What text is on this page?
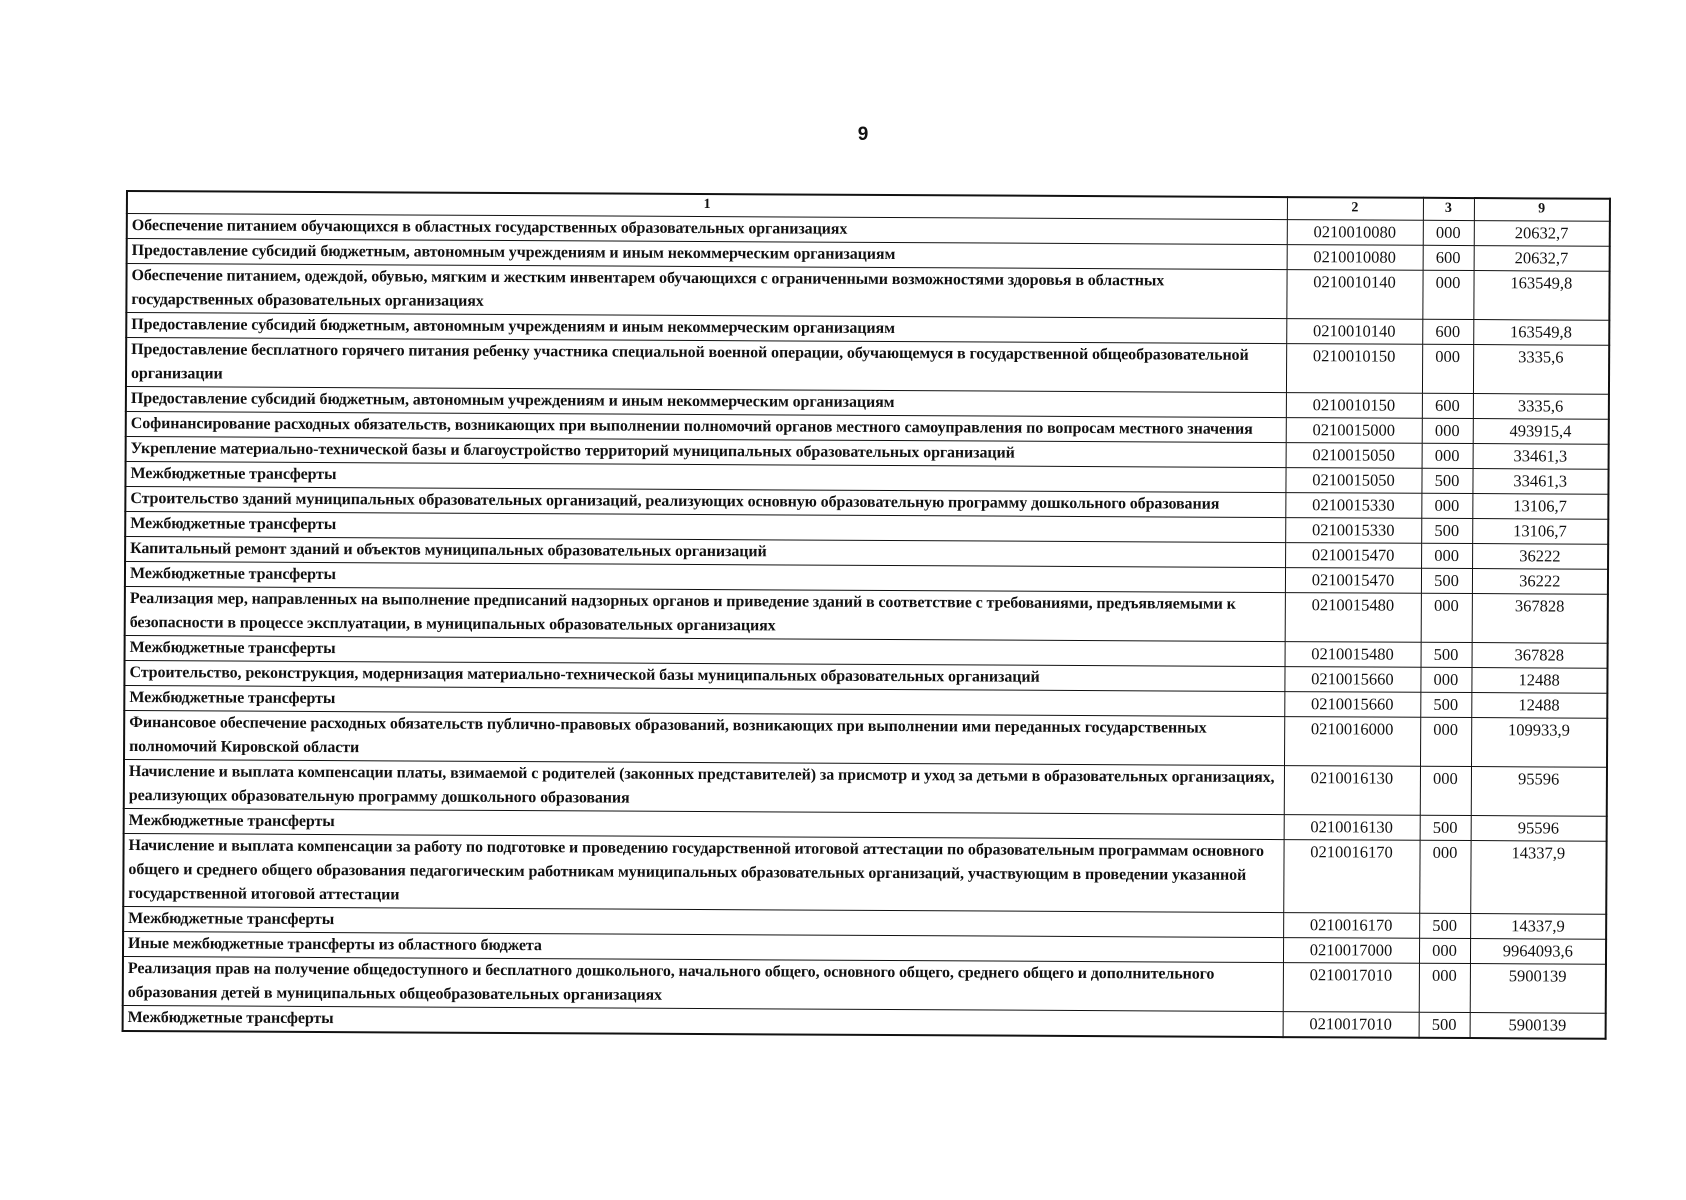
9
1	2	3	9
Обеспечение питанием обучающихся в областных государственных образовательных организациях	0210010080	000	20632,7
Предоставление субсидий бюджетным, автономным учреждениям и иным некоммерческим организациям	0210010080	600	20632,7
Обеспечение питанием, одеждой, обувью, мягким и жестким инвентарем обучающихся с ограниченными возможностями здоровья в областных государственных образовательных организациях	0210010140	000	163549,8
Предоставление субсидий бюджетным, автономным учреждениям и иным некоммерческим организациям	0210010140	600	163549,8
Предоставление бесплатного горячего питания ребенку участника специальной военной операции, обучающемуся в государственной общеобразовательной организации	0210010150	000	3335,6
Предоставление субсидий бюджетным, автономным учреждениям и иным некоммерческим организациям	0210010150	600	3335,6
Софинансирование расходных обязательств, возникающих при выполнении полномочий органов местного самоуправления по вопросам местного значения	0210015000	000	493915,4
Укрепление материально-технической базы и благоустройство территорий муниципальных образовательных организаций	0210015050	000	33461,3
Межбюджетные трансферты	0210015050	500	33461,3
Строительство зданий муниципальных образовательных организаций, реализующих основную образовательную программу дошкольного образования	0210015330	000	13106,7
Межбюджетные трансферты	0210015330	500	13106,7
Капитальный ремонт зданий и объектов муниципальных образовательных организаций	0210015470	000	36222
Межбюджетные трансферты	0210015470	500	36222
Реализация мер, направленных на выполнение предписаний надзорных органов и приведение зданий в соответствие с требованиями, предъявляемыми к безопасности в процессе эксплуатации, в муниципальных образовательных организациях	0210015480	000	367828
Межбюджетные трансферты	0210015480	500	367828
Строительство, реконструкция, модернизация материально-технической базы муниципальных образовательных организаций	0210015660	000	12488
Межбюджетные трансферты	0210015660	500	12488
Финансовое обеспечение расходных обязательств публично-правовых образований, возникающих при выполнении ими переданных государственных полномочий Кировской области	0210016000	000	109933,9
Начисление и выплата компенсации платы, взимаемой с родителей (законных представителей) за присмотр и уход за детьми в образовательных организациях, реализующих образовательную программу дошкольного образования	0210016130	000	95596
Межбюджетные трансферты	0210016130	500	95596
Начисление и выплата компенсации за работу по подготовке и проведению государственной итоговой аттестации по образовательным программам основного общего и среднего общего образования педагогическим работникам муниципальных образовательных организаций, участвующим в проведении указанной государственной итоговой аттестации	0210016170	000	14337,9
Межбюджетные трансферты	0210016170	500	14337,9
Иные межбюджетные трансферты из областного бюджета	0210017000	000	9964093,6
Реализация прав на получение общедоступного и бесплатного дошкольного, начального общего, основного общего, среднего общего и дополнительного образования детей в муниципальных общеобразовательных организациях	0210017010	000	5900139
Межбюджетные трансферты	0210017010	500	5900139
